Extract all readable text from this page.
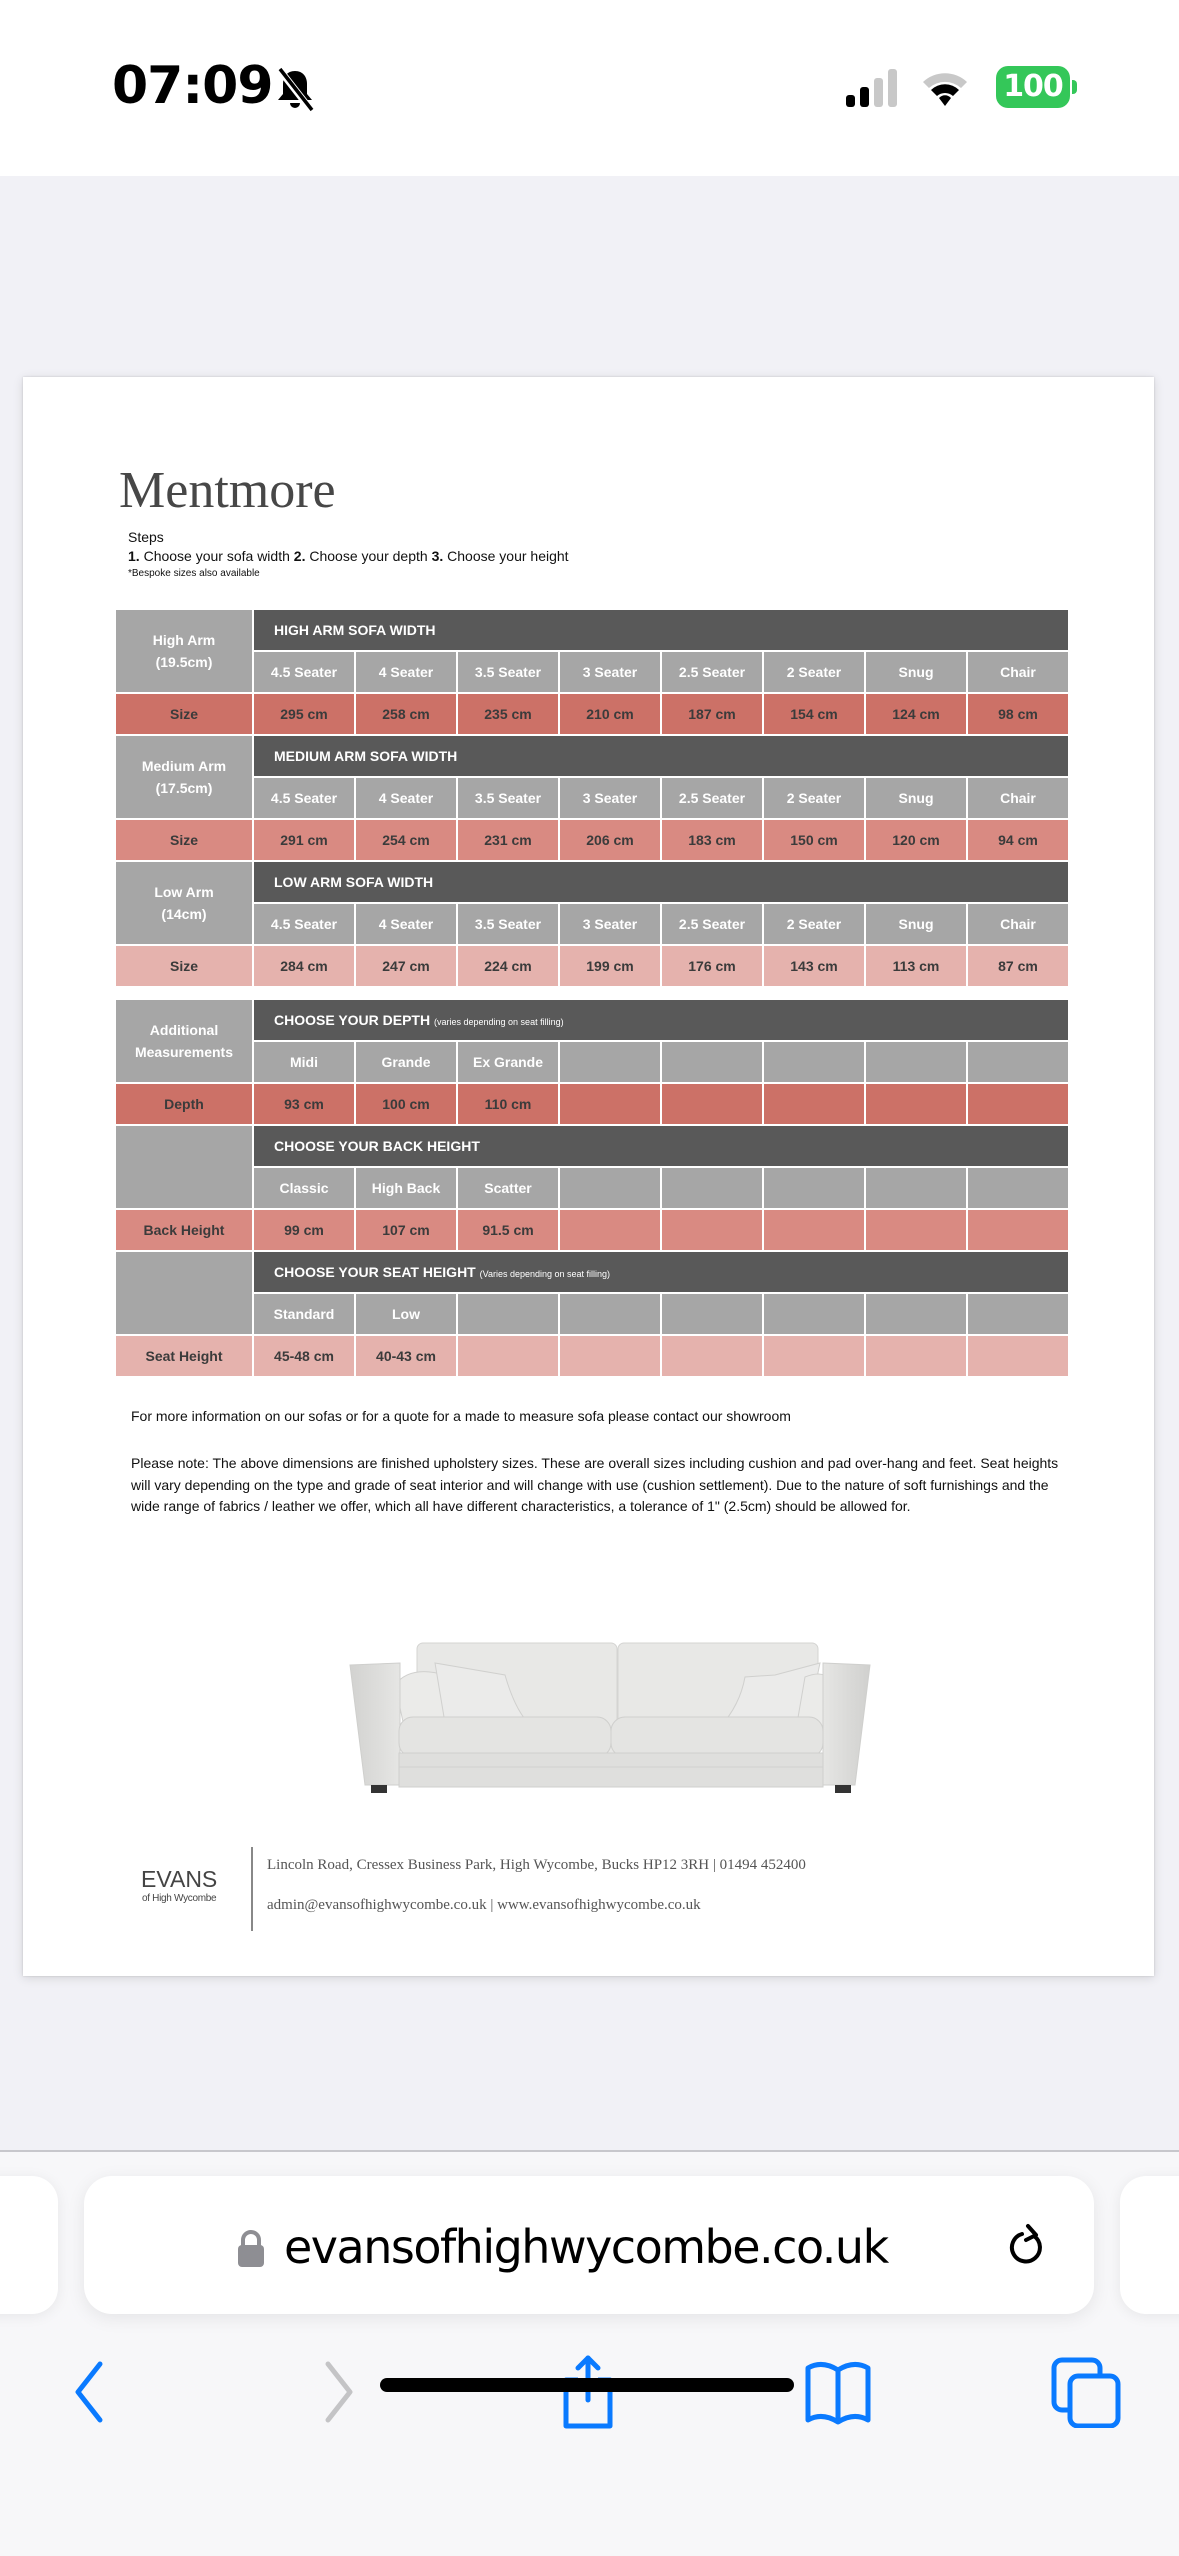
07:09	100
Mentmore
Steps
1. Choose your sofa width 2. Choose your depth 3. Choose your height
*Bespoke sizes also available
High Arm
(19.5cm)	HIGH ARM SOFA WIDTH							
	4.5 Seater	4 Seater	3.5 Seater	3 Seater	2.5 Seater	2 Seater	Snug	Chair
Size	295 cm	258 cm	235 cm	210 cm	187 cm	154 cm	124 cm	98 cm

Medium Arm
(17.5cm)	MEDIUM ARM SOFA WIDTH							
	4.5 Seater	4 Seater	3.5 Seater	3 Seater	2.5 Seater	2 Seater	Snug	Chair
Size	291 cm	254 cm	231 cm	206 cm	183 cm	150 cm	120 cm	94 cm

Low Arm
(14cm)	LOW ARM SOFA WIDTH							
	4.5 Seater	4 Seater	3.5 Seater	3 Seater	2.5 Seater	2 Seater	Snug	Chair
Size	284 cm	247 cm	224 cm	199 cm	176 cm	143 cm	113 cm	87 cm

Additional
Measurements	CHOOSE YOUR DEPTH (varies depending on seat filling)							
	Midi	Grande	Ex Grande					
Depth	93 cm	100 cm	110 cm					
	CHOOSE YOUR BACK HEIGHT							
	Classic	High Back	Scatter					
Back Height	99 cm	107 cm	91.5 cm					
	CHOOSE YOUR SEAT HEIGHT (Varies depending on seat filling)							
	Standard	Low						
Seat Height	45-48 cm	40-43 cm						
For more information on our sofas or for a quote for a made to measure sofa please contact our showroom
Please note: The above dimensions are finished upholstery sizes. These are overall sizes including cushion and pad over-hang and feet. Seat heights will vary depending on the type and grade of seat interior and will change with use (cushion settlement). Due to the nature of soft furnishings and the wide range of fabrics / leather we offer, which all have different characteristics, a tolerance of 1" (2.5cm) should be allowed for.
EVANS
of High Wycombe
Lincoln Road, Cressex Business Park, High Wycombe, Bucks HP12 3RH | 01494 452400
admin@evansofhighwycombe.co.uk | www.evansofhighwycombe.co.uk
evansofhighwycombe.co.uk
